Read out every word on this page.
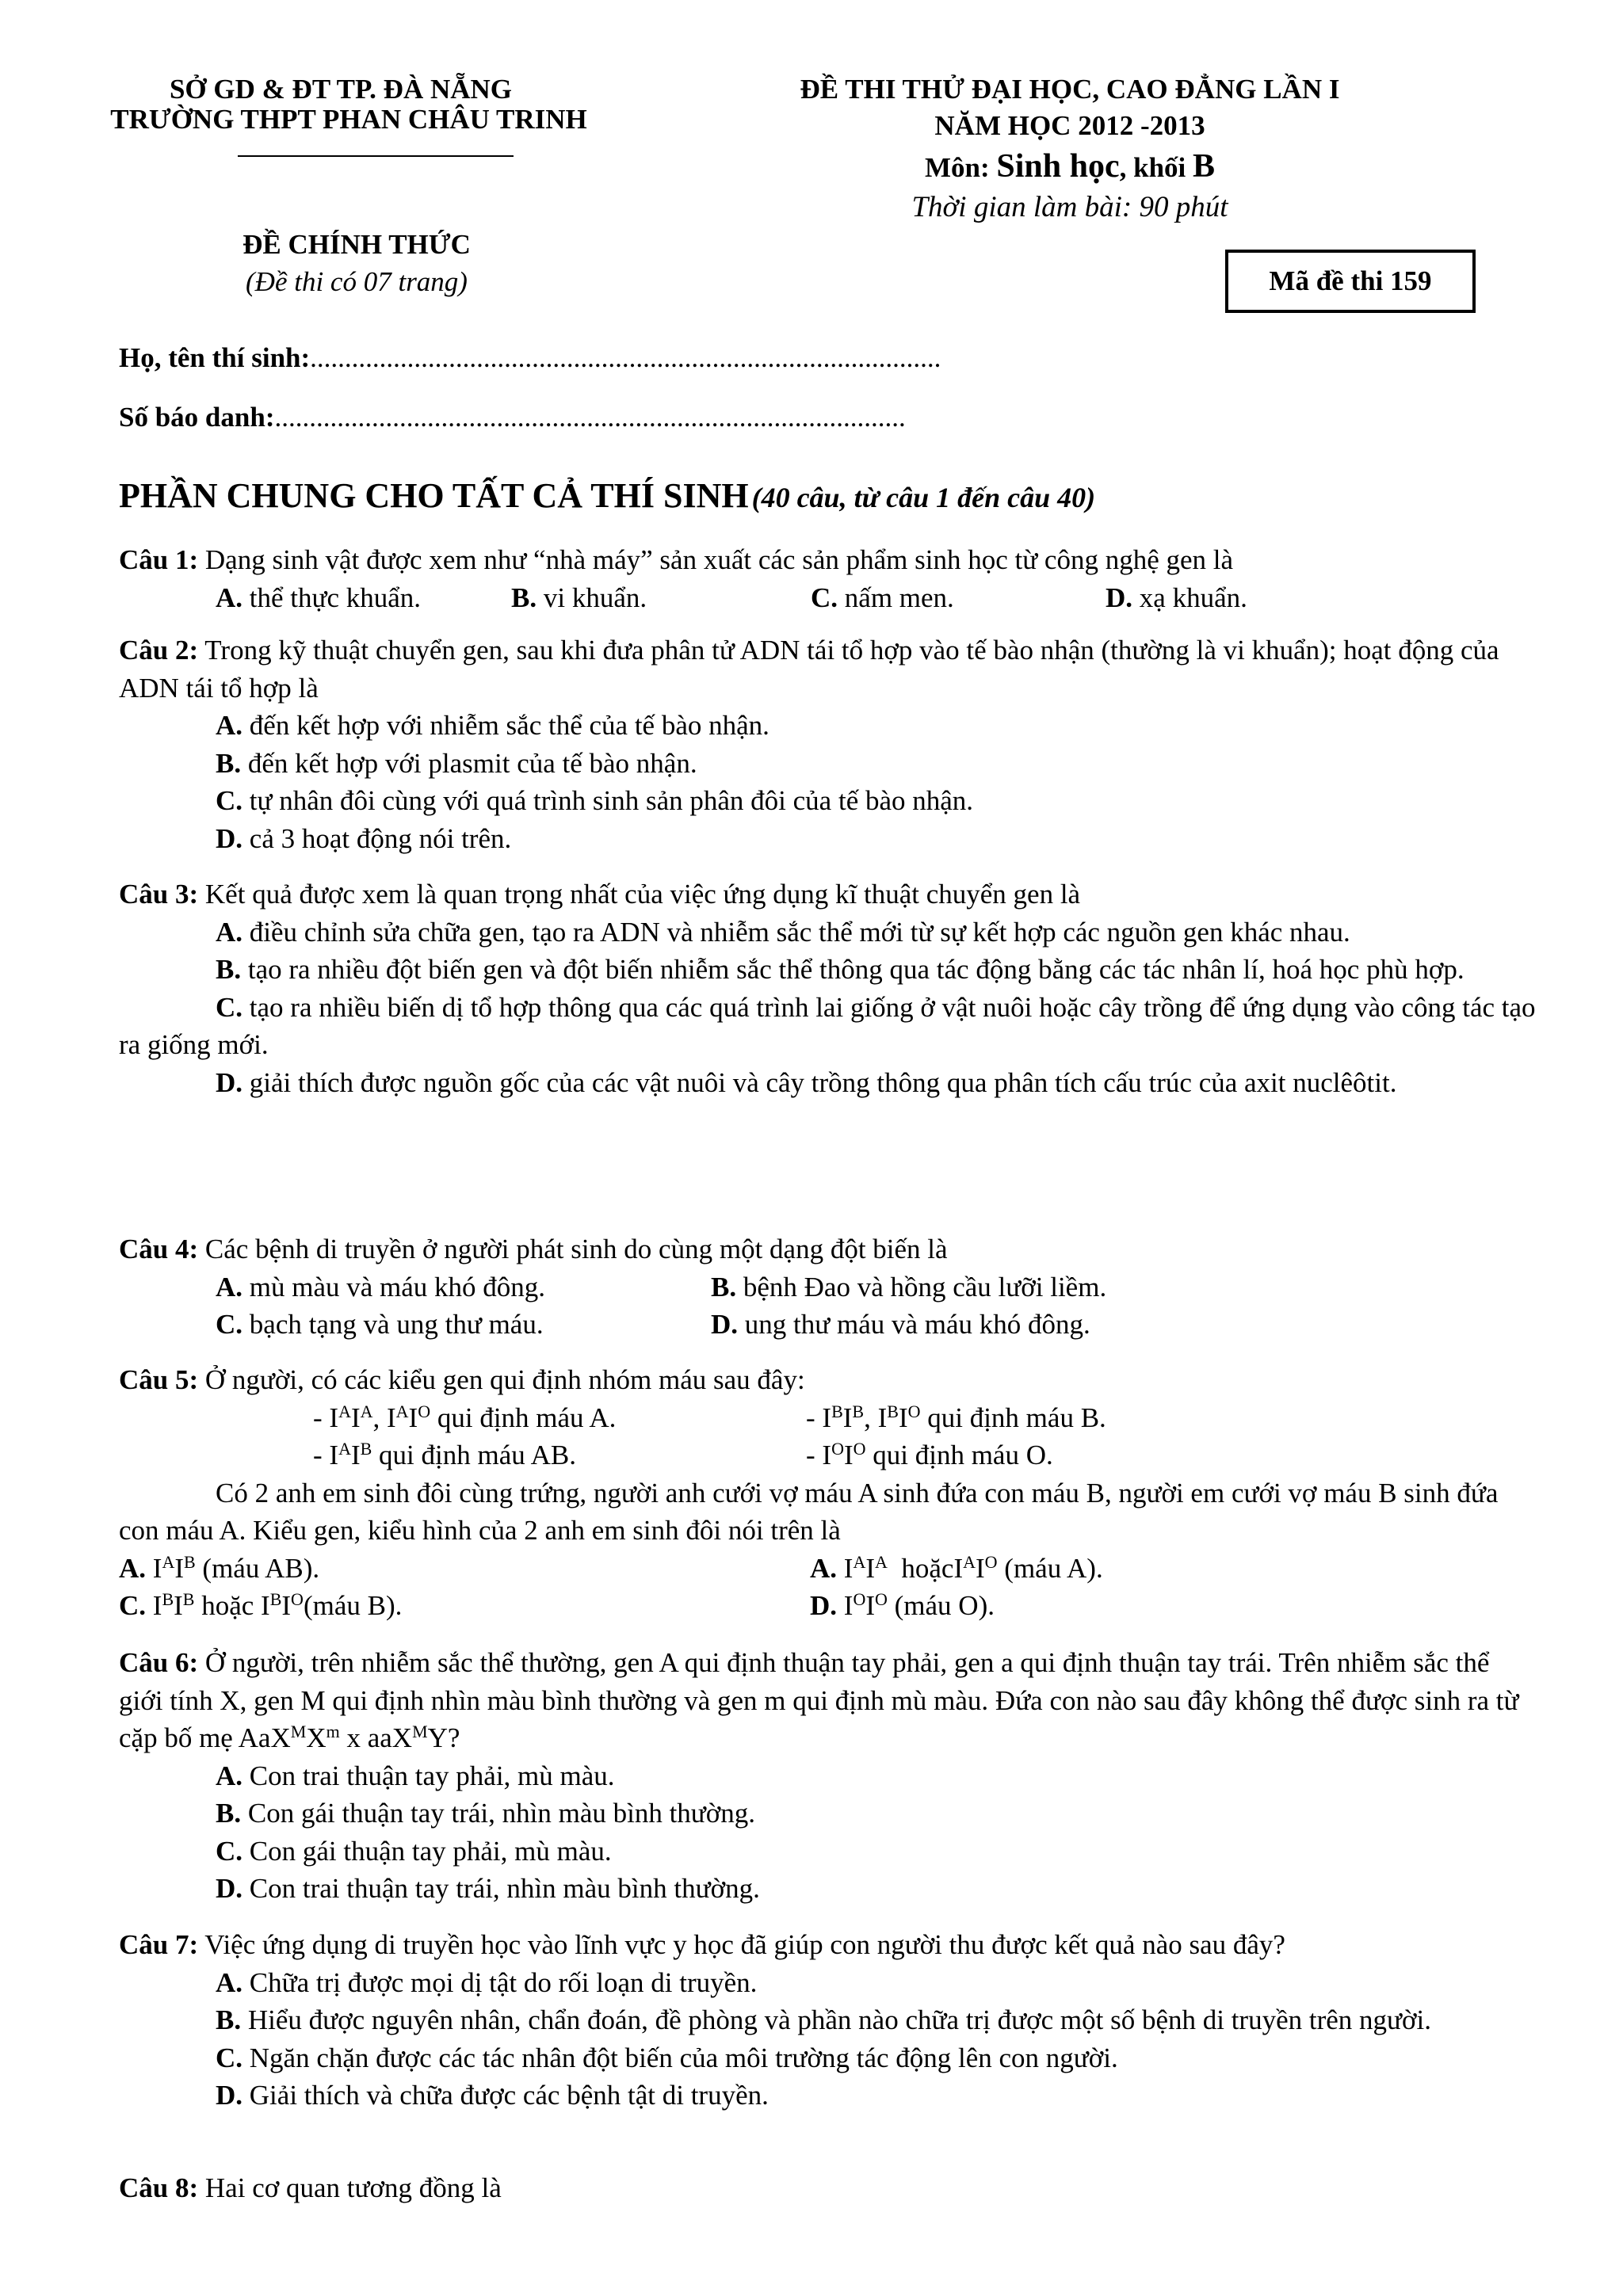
SỞ GD & ĐT TP. ĐÀ NẴNG
TRƯỜNG THPT PHAN CHÂU TRINH
ĐỀ CHÍNH THỨC
(Đề thi có 07 trang)
ĐỀ THI THỬ ĐẠI HỌC, CAO ĐẲNG LẦN I
NĂM HỌC 2012 -2013
Môn: Sinh học, khối B
Thời gian làm bài: 90 phút
Mã đề thi 159
Họ, tên thí sinh:...........................................................................................
Số báo danh:...........................................................................................
PHẦN CHUNG CHO TẤT CẢ THÍ SINH (40 câu, từ câu 1 đến câu 40)

Câu 1: Dạng sinh vật được xem như “nhà máy” sản xuất các sản phẩm sinh học từ công nghệ gen là

A. thể thực khuẩn.	B. vi khuẩn.	C. nấm men.	D. xạ khuẩn.

Câu 2: Trong kỹ thuật chuyển gen, sau khi đưa phân tử ADN tái tổ hợp vào tế bào nhận (thường là vi khuẩn); hoạt động của ADN tái tổ hợp là

A. đến kết hợp với nhiễm sắc thể của tế bào nhận.

B. đến kết hợp với plasmit của tế bào nhận.

C. tự nhân đôi cùng với quá trình sinh sản phân đôi của tế bào nhận.

D. cả 3 hoạt động nói trên.

Câu 3: Kết quả được xem là quan trọng nhất của việc ứng dụng kĩ thuật chuyển gen là

A. điều chỉnh sửa chữa gen, tạo ra ADN và nhiễm sắc thể mới từ sự kết hợp các nguồn gen khác nhau.

B. tạo ra nhiều đột biến gen và đột biến nhiễm sắc thể thông qua tác động bằng các tác nhân lí, hoá học phù hợp.

C. tạo ra nhiều biến dị tổ hợp thông qua các quá trình lai giống ở vật nuôi hoặc cây trồng để ứng dụng vào công tác tạo ra giống mới.

D. giải thích được nguồn gốc của các vật nuôi và cây trồng thông qua phân tích cấu trúc của axit nuclêôtit.

Câu 4: Các bệnh di truyền ở người phát sinh do cùng một dạng đột biến là

A. mù màu và máu khó đông.	B. bệnh Đao và hồng cầu lưỡi liềm.

C. bạch tạng và ung thư máu.	D. ung thư máu và máu khó đông.

Câu 5: Ở người, có các kiểu gen qui định nhóm máu sau đây:

- $I^AI^A$, $I^AI^O$ qui định máu A.	- $I^BI^B$, $I^BI^O$ qui định máu B.

- $I^AI^B$ qui định máu AB.	- $I^OI^O$ qui định máu O.

Có 2 anh em sinh đôi cùng trứng, người anh cưới vợ máu A sinh đứa con máu B, người em cưới vợ máu B sinh đứa con máu A. Kiểu gen, kiểu hình của 2 anh em sinh đôi nói trên là

A. $I^AI^B$ (máu AB).	A. $I^AI^A$ $hoặcI^AI^O$ (máu A).

C. $I^BI^B$ hoặc $I^BI^O(máu$ B).	D. $I^OI^O$ (máu O).

Câu 6: Ở người, trên nhiễm sắc thể thường, gen A qui định thuận tay phải, gen a qui định thuận tay trái. Trên nhiễm sắc thể giới tính X, gen M qui định nhìn màu bình thường và gen m qui định mù màu. Đứa con nào sau đây không thể được sinh ra từ cặp bố mẹ $AaX^MX^m$ x aaX$^M$Y?

A. Con trai thuận tay phải, mù màu.

B. Con gái thuận tay trái, nhìn màu bình thường.

C. Con gái thuận tay phải, mù màu.

D. Con trai thuận tay trái, nhìn màu bình thường.

Câu 7: Việc ứng dụng di truyền học vào lĩnh vực y học đã giúp con người thu được kết quả nào sau đây?

A. Chữa trị được mọi dị tật do rối loạn di truyền.

B. Hiểu được nguyên nhân, chẩn đoán, đề phòng và phần nào chữa trị được một số bệnh di truyền trên người.

C. Ngăn chặn được các tác nhân đột biến của môi trường tác động lên con người.

D. Giải thích và chữa được các bệnh tật di truyền.

Câu 8: Hai cơ quan tương đồng là
